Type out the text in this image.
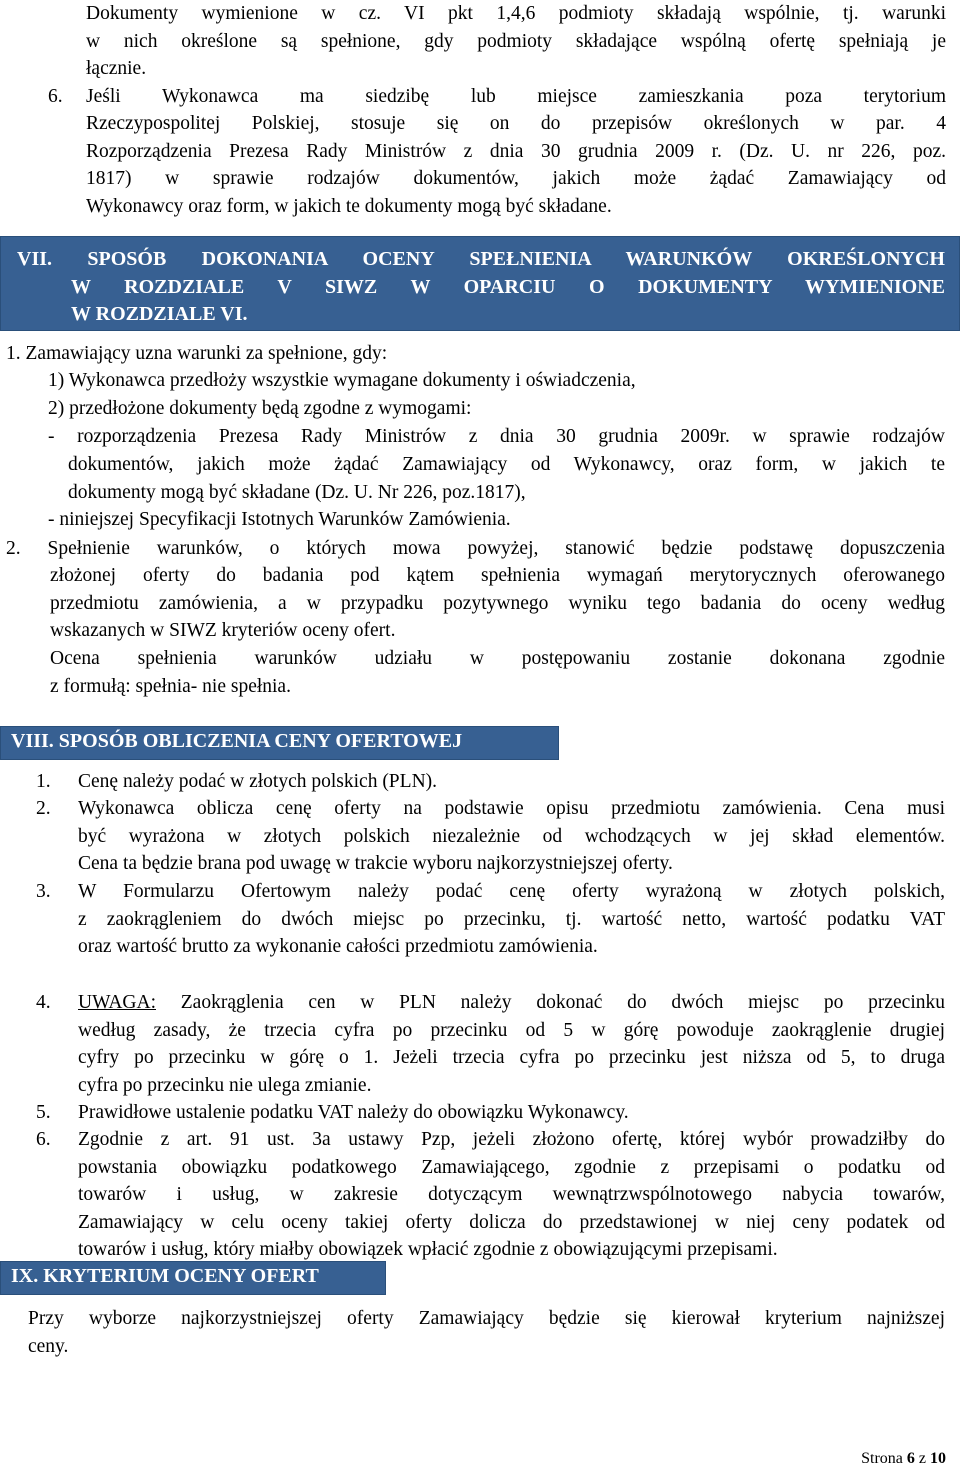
Dokumenty wymienione w cz. VI pkt 1,4,6 podmioty składają wspólnie, tj. warunki
w nich określone są spełnione, gdy podmioty składające wspólną ofertę spełniają je
łącznie.
6. Jeśli Wykonawca ma siedzibę lub miejsce zamieszkania poza terytorium
Rzeczypospolitej Polskiej, stosuje się on do przepisów określonych w par. 4
Rozporządzenia Prezesa Rady Ministrów z dnia 30 grudnia 2009 r. (Dz. U. nr 226, poz.
1817) w sprawie rodzajów dokumentów, jakich może żądać Zamawiający od
Wykonawcy oraz form, w jakich te dokumenty mogą być składane.
VII. SPOSÓB DOKONANIA OCENY SPEŁNIENIA WARUNKÓW OKREŚLONYCH
W ROZDZIALE V SIWZ W OPARCIU O DOKUMENTY WYMIENIONE
W ROZDZIALE VI.
1. Zamawiający uzna warunki za spełnione, gdy:
1) Wykonawca przedłoży wszystkie wymagane dokumenty i oświadczenia,
2) przedłożone dokumenty będą zgodne z wymogami:
- rozporządzenia Prezesa Rady Ministrów z dnia 30 grudnia 2009r. w sprawie rodzajów
dokumentów, jakich może żądać Zamawiający od Wykonawcy, oraz form, w jakich te
dokumenty mogą być składane (Dz. U. Nr 226, poz.1817),
- niniejszej Specyfikacji Istotnych Warunków Zamówienia.
2. Spełnienie warunków, o których mowa powyżej, stanowić będzie podstawę dopuszczenia
złożonej oferty do badania pod kątem spełnienia wymagań merytorycznych oferowanego
przedmiotu zamówienia, a w przypadku pozytywnego wyniku tego badania do oceny według
wskazanych w SIWZ kryteriów oceny ofert.
Ocena spełnienia warunków udziału w postępowaniu zostanie dokonana zgodnie
z formułą: spełnia- nie spełnia.
VIII. SPOSÓB OBLICZENIA CENY OFERTOWEJ
1.	Cenę należy podać w złotych polskich (PLN).
2.	Wykonawca oblicza cenę oferty na podstawie opisu przedmiotu zamówienia. Cena musi
być wyrażona w złotych polskich niezależnie od wchodzących w jej skład elementów.
Cena ta będzie brana pod uwagę w trakcie wyboru najkorzystniejszej oferty.
3.	W Formularzu Ofertowym należy podać cenę oferty wyrażoną w złotych polskich,
z zaokrągleniem do dwóch miejsc po przecinku, tj. wartość netto, wartość podatku VAT
oraz wartość brutto za wykonanie całości przedmiotu zamówienia.
4.	UWAGA: Zaokrąglenia cen w PLN należy dokonać do dwóch miejsc po przecinku
według zasady, że trzecia cyfra po przecinku od 5 w górę powoduje zaokrąglenie drugiej
cyfry po przecinku w górę o 1. Jeżeli trzecia cyfra po przecinku jest niższa od 5, to druga
cyfra po przecinku nie ulega zmianie.
5.	Prawidłowe ustalenie podatku VAT należy do obowiązku Wykonawcy.
6.	Zgodnie z art. 91 ust. 3a ustawy Pzp, jeżeli złożono ofertę, której wybór prowadziłby do
powstania obowiązku podatkowego Zamawiającego, zgodnie z przepisami o podatku od
towarów i usług, w zakresie dotyczącym wewnątrzwspólnotowego nabycia towarów,
Zamawiający w celu oceny takiej oferty dolicza do przedstawionej w niej ceny podatek od
towarów i usług, który miałby obowiązek wpłacić zgodnie z obowiązującymi przepisami.
IX. KRYTERIUM OCENY OFERT
Przy wyborze najkorzystniejszej oferty Zamawiający będzie się kierował kryterium najniższej
ceny.
Strona 6 z 10
